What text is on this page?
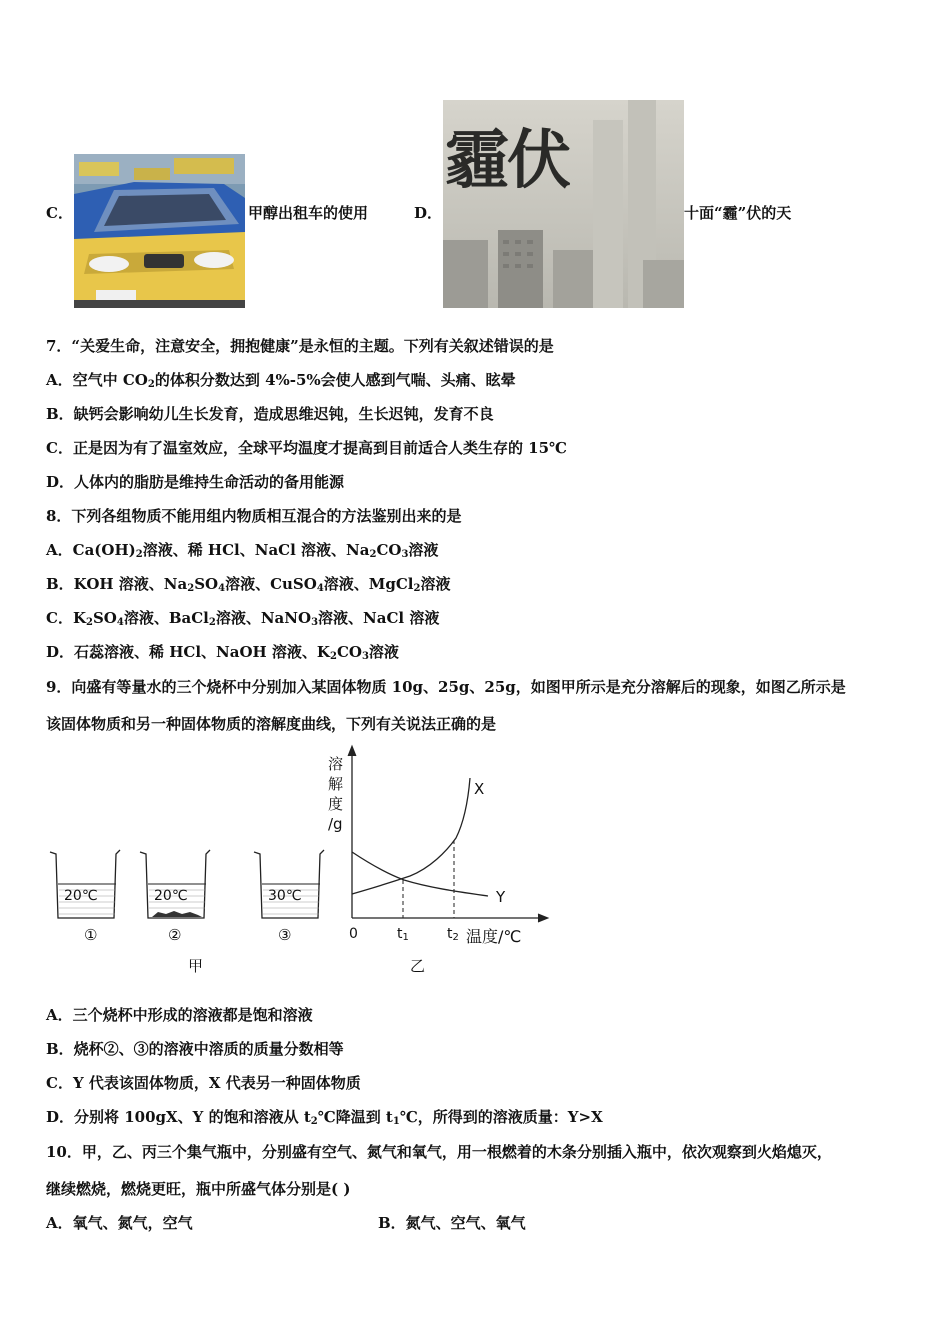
C．	甲醇出租车的使用	D．
霾伏
十面“霾”伏的天
7．“关爱生命，注意安全，拥抱健康”是永恒的主题。下列有关叙述错误的是
A．空气中 $CO_2$的体积分数达到 4%-5%会使人感到气喘、头痛、眩晕
B．缺钙会影响幼儿生长发育，造成思维迟钝，生长迟钝，发育不良
C．正是因为有了温室效应，全球平均温度才提高到目前适合人类生存的 15℃
D．人体内的脂肪是维持生命活动的备用能源
8．下列各组物质不能用组内物质相互混合的方法鉴别出来的是
A．$Ca(OH)_2$溶液、稀 HCl、NaCl 溶液、$Na_2CO_3$溶液
B．KOH 溶液、$Na_2SO_4$溶液、CuSO$_4$溶液、MgCl$_2$溶液
C．$K_2SO_4$溶液、BaCl$_2$溶液、NaNO$_3$溶液、NaCl 溶液
D．石蕊溶液、稀 HCl、NaOH 溶液、$K_2CO_3$溶液
9．向盛有等量水的三个烧杯中分别加入某固体物质 10g、25g、25g，如图甲所示是充分溶解后的现象，如图乙所示是
该固体物质和另一种固体物质的溶解度曲线，下列有关说法正确的是
20℃	20℃	30℃
①	②	③
甲
溶
解
度
/g
X
Y
0	$t_1$	$t_2$ 温度/℃
乙
A．三个烧杯中形成的溶液都是饱和溶液
B．烧杯②、③的溶液中溶质的质量分数相等
C．Y 代表该固体物质，X 代表另一种固体物质
D．分别将 100gX、Y 的饱和溶液从 $t_2℃$降温到 $t_1℃$，所得到的溶液质量：Y>X
10．甲，乙、丙三个集气瓶中，分别盛有空气、氮气和氧气，用一根燃着的木条分别插入瓶中，依次观察到火焰熄灭，
继续燃烧，燃烧更旺，瓶中所盛气体分别是( )
A．氧气、氮气，空气	B．氮气、空气、氧气
